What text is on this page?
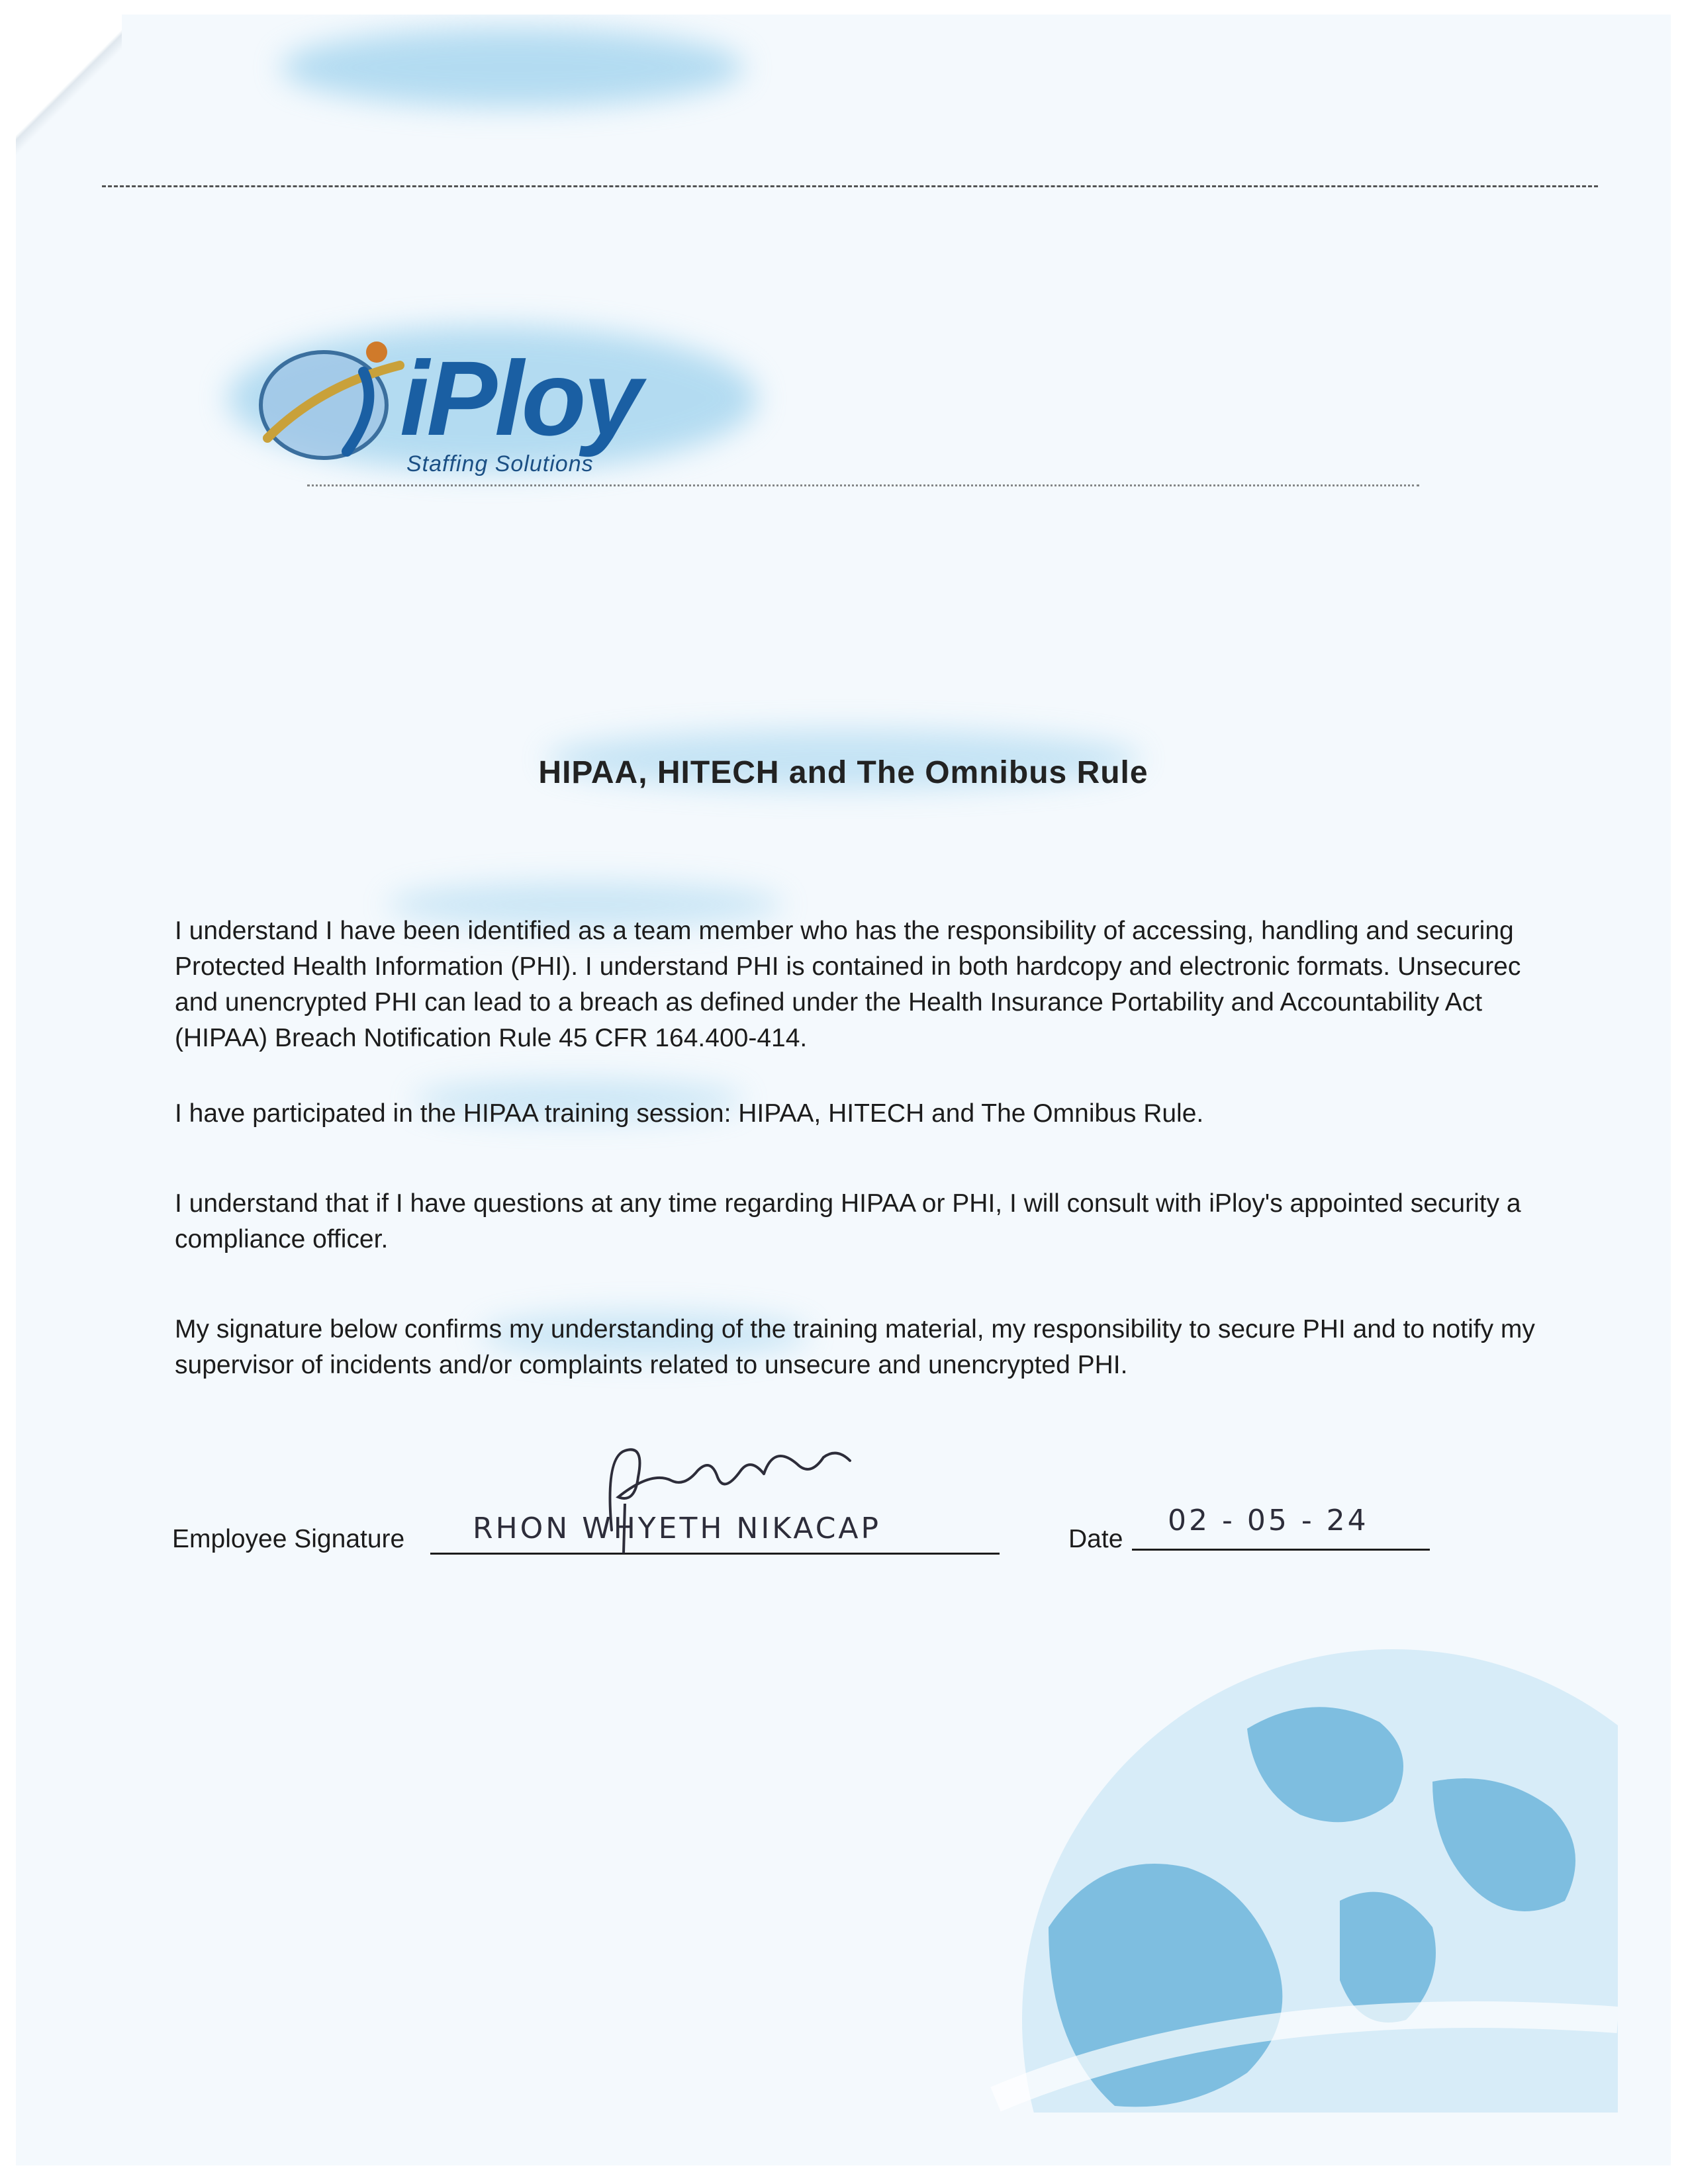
iPloy
Staffing Solutions
HIPAA, HITECH and The Omnibus Rule
I understand I have been identified as a team member who has the responsibility of accessing, handling and securing
Protected Health Information (PHI). I understand PHI is contained in both hardcopy and electronic formats. Unsecurec
and unencrypted PHI can lead to a breach as defined under the Health Insurance Portability and Accountability Act
(HIPAA) Breach Notification Rule 45 CFR 164.400-414.
I have participated in the HIPAA training session: HIPAA, HITECH and The Omnibus Rule.
I understand that if I have questions at any time regarding HIPAA or PHI, I will consult with iPloy's appointed security a
compliance officer.
My signature below confirms my understanding of the training material, my responsibility to secure PHI and to notify my
supervisor of incidents and/or complaints related to unsecure and unencrypted PHI.
Employee Signature RHON WHYETH NIKACAP	Date
02 - 05 - 24
